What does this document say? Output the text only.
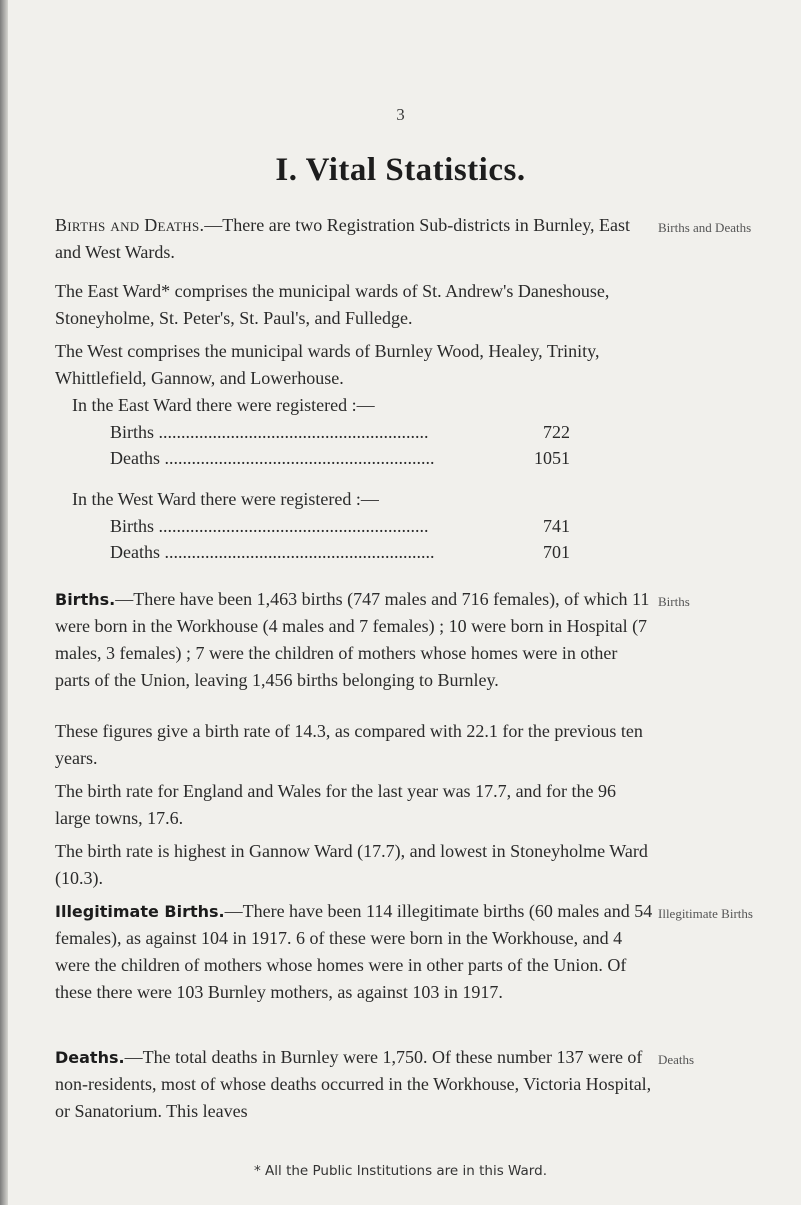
3
I. Vital Statistics.

Births and Deaths.—There are two Registration Sub-districts in Burnley, East and West Wards.

Births and Deaths

The East Ward* comprises the municipal wards of St. Andrew's Daneshouse, Stoneyholme, St. Peter's, St. Paul's, and Fulledge.

The West comprises the municipal wards of Burnley Wood, Healey, Trinity, Whittlefield, Gannow, and Lowerhouse.

In the East Ward there were registered :—

Births ............................................................	722
Deaths ............................................................	1051

In the West Ward there were registered :—

Births ............................................................	741
Deaths ............................................................	701

Births.—There have been 1,463 births (747 males and 716 females), of which 11 were born in the Workhouse (4 males and 7 females) ; 10 were born in Hospital (7 males, 3 females) ; 7 were the children of mothers whose homes were in other parts of the Union, leaving 1,456 births belonging to Burnley.

Births

These figures give a birth rate of 14.3, as compared with 22.1 for the previous ten years.

The birth rate for England and Wales for the last year was 17.7, and for the 96 large towns, 17.6.

The birth rate is highest in Gannow Ward (17.7), and lowest in Stoneyholme Ward (10.3).

Illegitimate Births.—There have been 114 illegitimate births (60 males and 54 females), as against 104 in 1917. 6 of these were born in the Workhouse, and 4 were the children of mothers whose homes were in other parts of the Union. Of these there were 103 Burnley mothers, as against 103 in 1917.

Illegitimate Births

Deaths.—The total deaths in Burnley were 1,750. Of these number 137 were of non-residents, most of whose deaths occurred in the Workhouse, Victoria Hospital, or Sanatorium. This leaves

Deaths
* All the Public Institutions are in this Ward.
